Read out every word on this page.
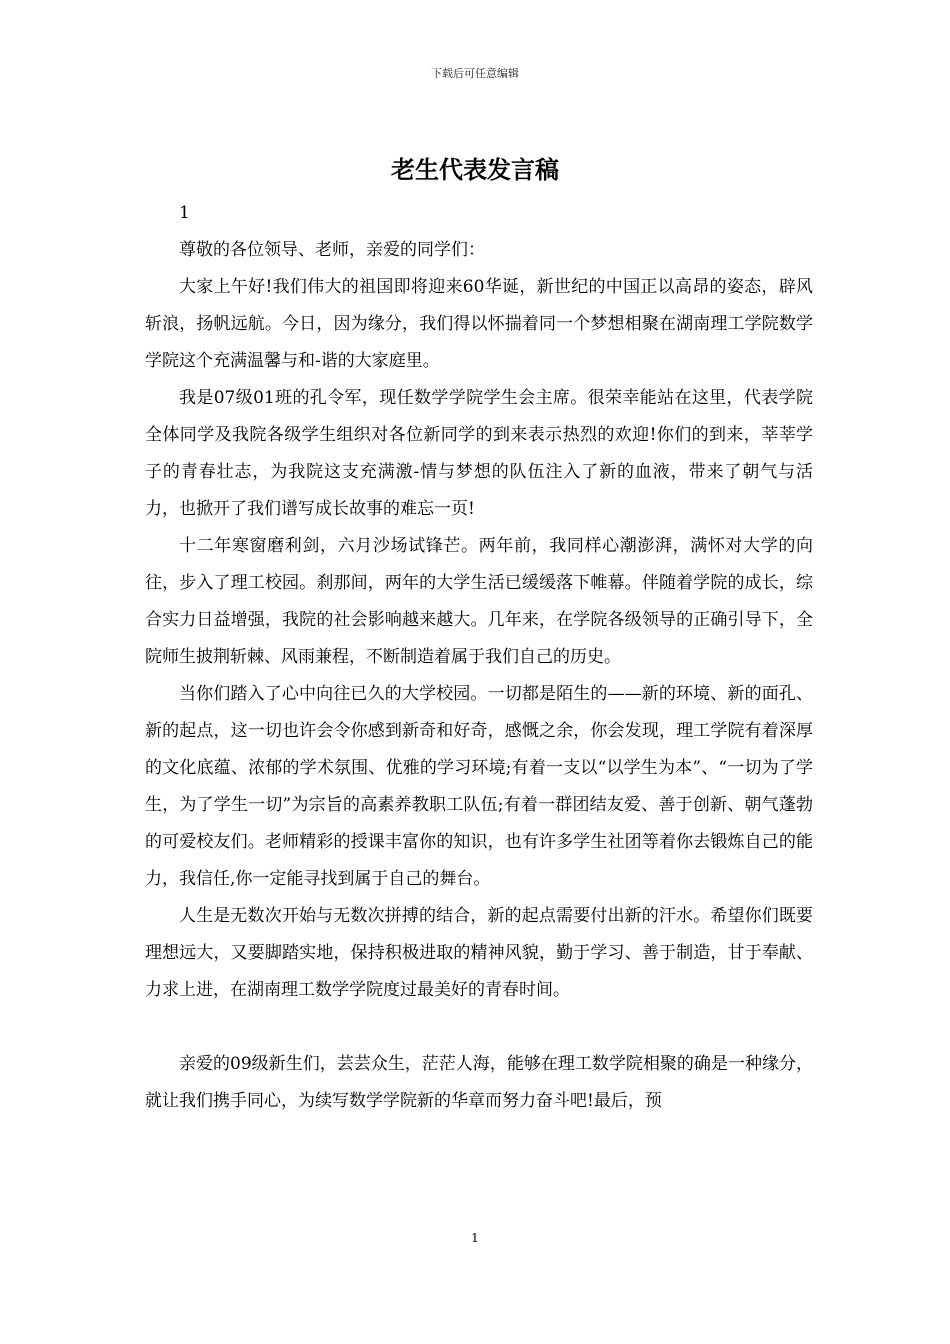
下载后可任意编辑
老生代表发言稿

1

尊敬的各位领导、老师，亲爱的同学们：

大家上午好!我们伟大的祖国即将迎来60华诞，新世纪的中国正以高昂的姿态，辟风斩浪，扬帆远航。今日，因为缘分，我们得以怀揣着同一个梦想相聚在湖南理工学院数学学院这个充满温馨与和-谐的大家庭里。

我是07级01班的孔令军，现任数学学院学生会主席。很荣幸能站在这里，代表学院全体同学及我院各级学生组织对各位新同学的到来表示热烈的欢迎!你们的到来，莘莘学子的青春壮志，为我院这支充满激-情与梦想的队伍注入了新的血液，带来了朝气与活力，也掀开了我们谱写成长故事的难忘一页!

十二年寒窗磨利剑，六月沙场试锋芒。两年前，我同样心潮澎湃，满怀对大学的向往，步入了理工校园。刹那间，两年的大学生活已缓缓落下帷幕。伴随着学院的成长，综合实力日益增强，我院的社会影响越来越大。几年来，在学院各级领导的正确引导下，全院师生披荆斩棘、风雨兼程，不断制造着属于我们自己的历史。

当你们踏入了心中向往已久的大学校园。一切都是陌生的——新的环境、新的面孔、新的起点，这一切也许会令你感到新奇和好奇，感慨之余，你会发现，理工学院有着深厚的文化底蕴、浓郁的学术氛围、优雅的学习环境;有着一支以“以学生为本”、“一切为了学生，为了学生一切”为宗旨的高素养教职工队伍;有着一群团结友爱、善于创新、朝气蓬勃的可爱校友们。老师精彩的授课丰富你的知识，也有许多学生社团等着你去锻炼自己的能力，我信任,你一定能寻找到属于自己的舞台。

人生是无数次开始与无数次拼搏的结合，新的起点需要付出新的汗水。希望你们既要理想远大，又要脚踏实地，保持积极进取的精神风貌，勤于学习、善于制造，甘于奉献、力求上进，在湖南理工数学学院度过最美好的青春时间。

亲爱的09级新生们，芸芸众生，茫茫人海，能够在理工数学院相聚的确是一种缘分，就让我们携手同心，为续写数学学院新的华章而努力奋斗吧!最后，预

1
